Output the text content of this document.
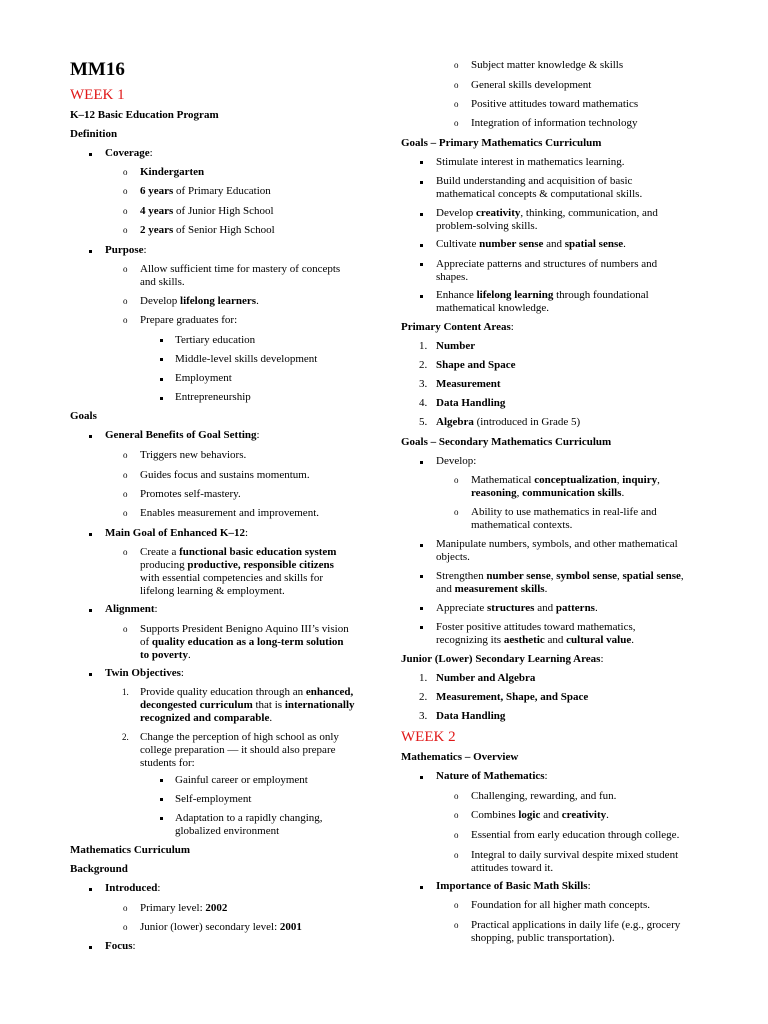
MM16
WEEK 1
K–12 Basic Education Program
Definition
Coverage:
o Kindergarten
o 6 years of Primary Education
o 4 years of Junior High School
o 2 years of Senior High School
Purpose:
o Allow sufficient time for mastery of concepts
and skills.
o Develop lifelong learners.
o Prepare graduates for:
Tertiary education
Middle-level skills development
Employment
Entrepreneurship
Goals
General Benefits of Goal Setting:
o Triggers new behaviors.
o Guides focus and sustains momentum.
o Promotes self-mastery.
o Enables measurement and improvement.
Main Goal of Enhanced K–12:
o Create a functional basic education system
producing productive, responsible citizens
with essential competencies and skills for
lifelong learning & employment.
Alignment:
o Supports President Benigno Aquino III’s vision
of quality education as a long-term solution
to poverty.
Twin Objectives:
1. Provide quality education through an enhanced,
decongested curriculum that is internationally
recognized and comparable.
2. Change the perception of high school as only
college preparation — it should also prepare
students for:
Gainful career or employment
Self-employment
Adaptation to a rapidly changing,
globalized environment
Mathematics Curriculum
Background
Introduced:
o Primary level: 2002
o Junior (lower) secondary level: 2001
Focus:
o Subject matter knowledge & skills
o General skills development
o Positive attitudes toward mathematics
o Integration of information technology
Goals – Primary Mathematics Curriculum
Stimulate interest in mathematics learning.
Build understanding and acquisition of basic
mathematical concepts & computational skills.
Develop creativity, thinking, communication, and
problem-solving skills.
Cultivate number sense and spatial sense.
Appreciate patterns and structures of numbers and
shapes.
Enhance lifelong learning through foundational
mathematical knowledge.
Primary Content Areas:
1. Number
2. Shape and Space
3. Measurement
4. Data Handling
5. Algebra (introduced in Grade 5)
Goals – Secondary Mathematics Curriculum
Develop:
o Mathematical conceptualization, inquiry,
reasoning, communication skills.
o Ability to use mathematics in real-life and
mathematical contexts.
Manipulate numbers, symbols, and other mathematical
objects.
Strengthen number sense, symbol sense, spatial sense,
and measurement skills.
Appreciate structures and patterns.
Foster positive attitudes toward mathematics,
recognizing its aesthetic and cultural value.
Junior (Lower) Secondary Learning Areas:
1. Number and Algebra
2. Measurement, Shape, and Space
3. Data Handling
WEEK 2
Mathematics – Overview
Nature of Mathematics:
o Challenging, rewarding, and fun.
o Combines logic and creativity.
o Essential from early education through college.
o Integral to daily survival despite mixed student
attitudes toward it.
Importance of Basic Math Skills:
o Foundation for all higher math concepts.
o Practical applications in daily life (e.g., grocery
shopping, public transportation).
